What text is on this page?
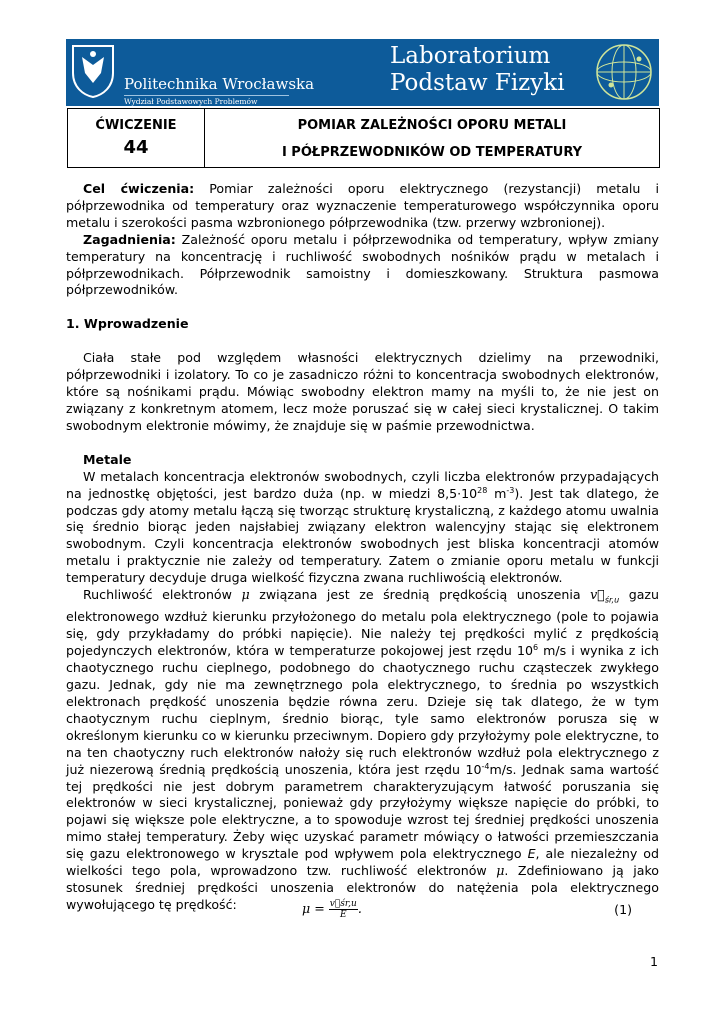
Politechnika Wrocławska
Wydział Podstawowych Problemów Techniki
Laboratorium
Podstaw Fizyki
ĆWICZENIE
44
POMIAR ZALEŻNOŚCI OPORU METALI
I PÓŁPRZEWODNIKÓW OD TEMPERATURY

Cel ćwiczenia: Pomiar zależności oporu elektrycznego (rezystancji) metalu i półprzewodnika od temperatury oraz wyznaczenie temperaturowego współczynnika oporu metalu i szerokości pasma wzbronionego półprzewodnika (tzw. przerwy wzbronionej).

Zagadnienia: Zależność oporu metalu i półprzewodnika od temperatury, wpływ zmiany temperatury na koncentrację i ruchliwość swobodnych nośników prądu w metalach i półprzewodnikach. Półprzewodnik samoistny i domieszkowany. Struktura pasmowa półprzewodników.

1. Wprowadzenie

Ciała stałe pod względem własności elektrycznych dzielimy na przewodniki, półprzewodniki i izolatory. To co je zasadniczo różni to koncentracja swobodnych elektronów, które są nośnikami prądu. Mówiąc swobodny elektron mamy na myśli to, że nie jest on związany z konkretnym atomem, lecz może poruszać się w całej sieci krystalicznej. O takim swobodnym elektronie mówimy, że znajduje się w paśmie przewodnictwa.

Metale

W metalach koncentracja elektronów swobodnych, czyli liczba elektronów przypadających na jednostkę objętości, jest bardzo duża (np. w miedzi $8,5\cdot 10^{28}$ $m^{-3}$). Jest tak dlatego, że podczas gdy atomy metalu łączą się tworząc strukturę krystaliczną, z każdego atomu uwalnia się średnio biorąc jeden najsłabiej związany elektron walencyjny stając się elektronem swobodnym. Czyli koncentracja elektronów swobodnych jest bliska koncentracji atomów metalu i praktycznie nie zależy od temperatury. Zatem o zmianie oporu metalu w funkcji temperatury decyduje druga wielkość fizyczna zwana ruchliwością elektronów.

Ruchliwość elektronów μ związana jest ze średnią prędkością unoszenia $v⃗_{śr,u}$ gazu elektronowego wzdłuż kierunku przyłożonego do metalu pola elektrycznego (pole to pojawia się, gdy przykładamy do próbki napięcie). Nie należy tej prędkości mylić z prędkością pojedynczych elektronów, która w temperaturze pokojowej jest rzędu $10^6$ m/s i wynika z ich chaotycznego ruchu cieplnego, podobnego do chaotycznego ruchu cząsteczek zwykłego gazu. Jednak, gdy nie ma zewnętrznego pola elektrycznego, to średnia po wszystkich elektronach prędkość unoszenia będzie równa zeru. Dzieje się tak dlatego, że w tym chaotycznym ruchu cieplnym, średnio biorąc, tyle samo elektronów porusza się w określonym kierunku co w kierunku przeciwnym. Dopiero gdy przyłożymy pole elektryczne, to na ten chaotyczny ruch elektronów nałoży się ruch elektronów wzdłuż pola elektrycznego z już niezerową średnią prędkością unoszenia, która jest rzędu $10^{-4}m/s$. Jednak sama wartość tej prędkości nie jest dobrym parametrem charakteryzującym łatwość poruszania się elektronów w sieci krystalicznej, ponieważ gdy przyłożymy większe napięcie do próbki, to pojawi się większe pole elektryczne, a to spowoduje wzrost tej średniej prędkości unoszenia mimo stałej temperatury. Żeby więc uzyskać parametr mówiący o łatwości przemieszczania się gazu elektronowego w krysztale pod wpływem pola elektrycznego E, ale niezależny od wielkości tego pola, wprowadzono tzw. ruchliwość elektronów μ. Zdefiniowano ją jako stosunek średniej prędkości unoszenia elektronów do natężenia pola elektrycznego wywołującego tę prędkość:	$\mu = \frac{v⃗śr,u}{E}$ .	(1)
1
